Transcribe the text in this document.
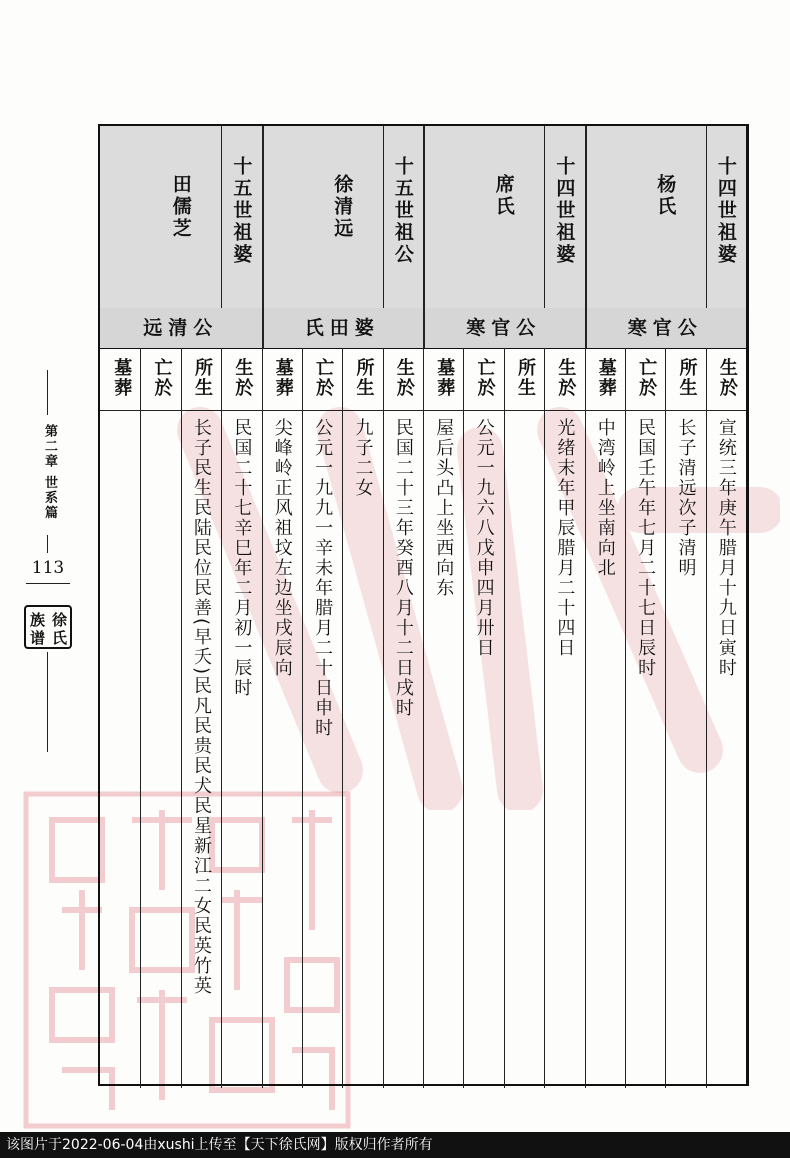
第二章 世系篇
113
徐
氏
族
谱
十四世祖婆
生於
宣统三年庚午腊月十九日寅时
所生
长子清远次子清明
杨氏
寒官公
亡於
民国壬午年七月二十七日辰时
墓葬
中湾岭上坐南向北
十四世祖婆
生於
光绪末年甲辰腊月二十四日
所生
席氏
寒官公
亡於
公元一九六八戊申四月卅日
墓葬
屋后头凸上坐西向东
十五世祖公
生於
民国二十三年癸酉八月十二日戌时
所生
九子二女
徐清远
氏田婆
亡於
公元一九九一辛未年腊月二十日申时
墓葬
尖峰岭正风祖坟左边坐戌辰向
十五世祖婆
生於
民国二十七辛巳年二月初一辰时
所生
长子民生民陆民位民善(早夭)民凡民贵民犬民星新江二女民英竹英
田儒芝
远清公
亡於
墓葬
该图片于2022-06-04由xushi上传至【天下徐氏网】版权归作者所有
